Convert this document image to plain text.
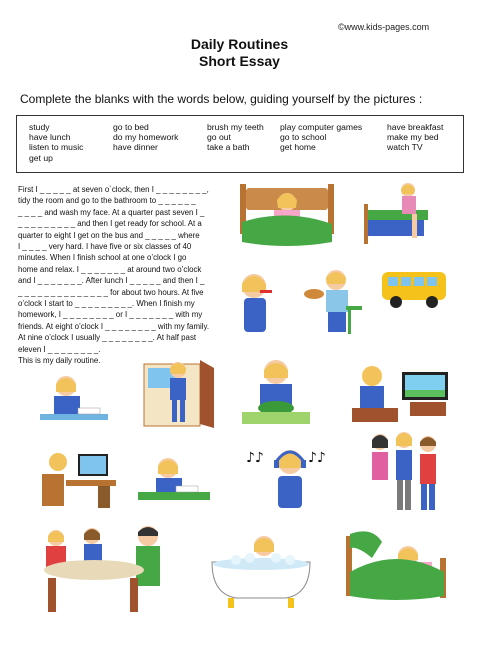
©www.kids-pages.com
Daily Routines
Short Essay
Complete the blanks with the words below, guiding yourself by the pictures :
study
have lunch
listen to music
get up
go to bed
do my homework
have dinner
brush my teeth
go out
take a bath
play computer games
go to school
get home
have breakfast
make my bed
watch TV

First I _ _ _ _ _ at seven o´clock, then I _ _ _ _ _ _ _ _,

tidy the room and go to the bathroom to _ _ _ _ _ _

_ _ _ _ and wash my face. At a quarter past seven I _

_ _ _ _ _ _ _ _ _ and then I get ready for school. At a

quarter to eight I get on the bus and _ _ _ _ _ where

I _ _ _ _ very hard. I have five or six classes of 40

minutes. When I finish school at one o’clock I go

home and relax. I _ _ _ _ _ _ _ at around two o’clock

and I _ _ _ _ _ _ _. After lunch I _ _ _ _ _ and then I _

_ _ _ _ _ _ _ _ _ _ _ _ _ _ for about two hours. At five

o’clock I start to _ _ _ _ _ _ _ _ _. When I finish my

homework, I _ _ _ _ _ _ _ _ or I _ _ _ _ _ _ _ with my

friends. At eight o’clock I _ _ _ _ _ _ _ _ with my family.

At nine o’clock I usually _ _ _ _ _ _ _ _. At half past

eleven I _ _ _ _ _ _ _ _.

This is my daily routine.

♪♪	♪♪
